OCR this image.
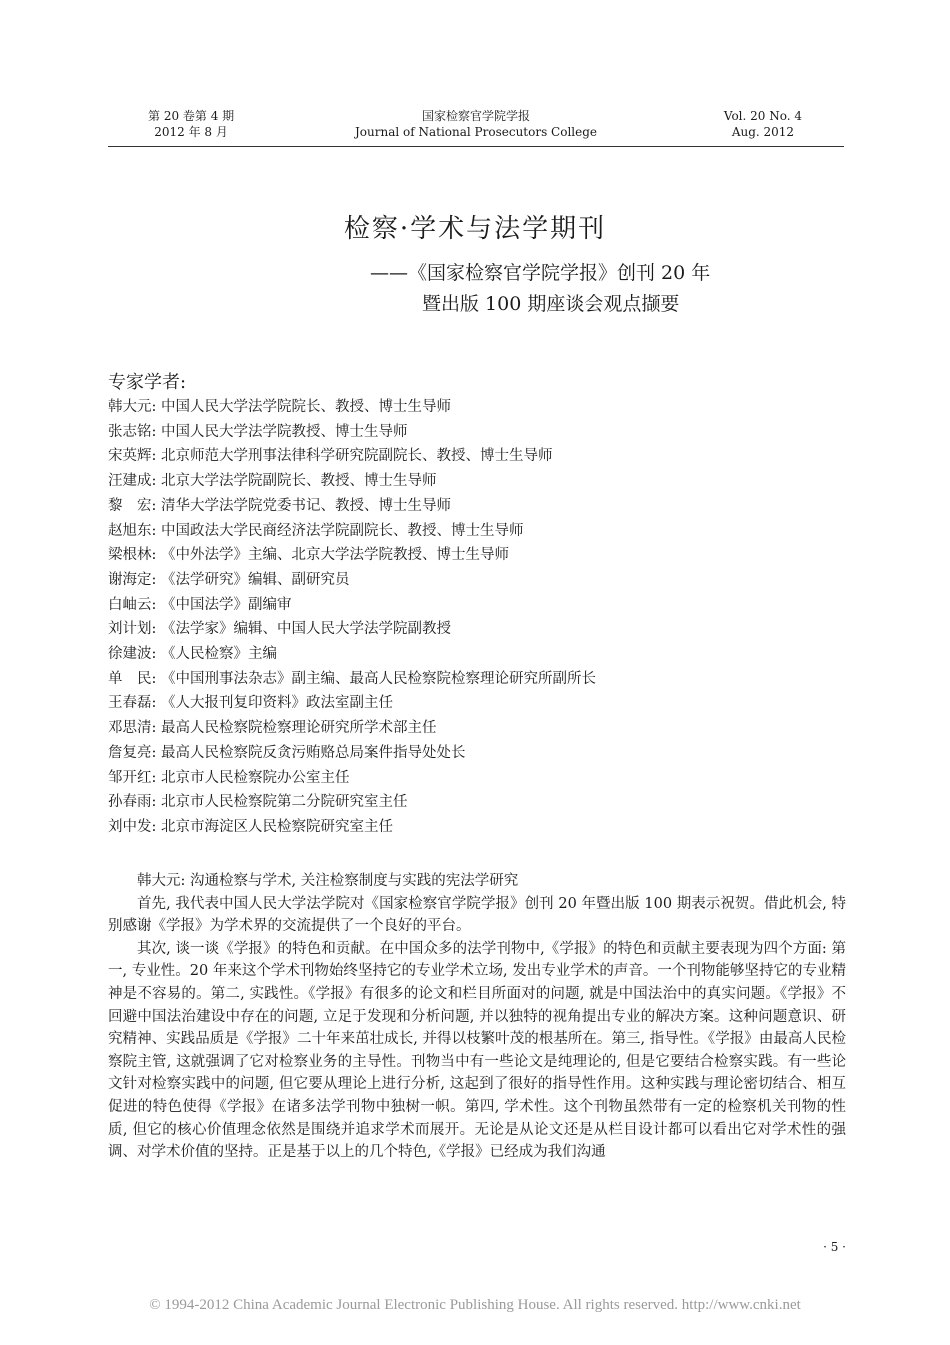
第 20 卷第 4 期
2012 年 8 月
国家检察官学院学报
Journal of National Prosecutors College
Vol. 20 No. 4
Aug. 2012
检察·学术与法学期刊
——《国家检察官学院学报》创刊 20 年
暨出版 100 期座谈会观点撷要
专家学者:
韩大元: 中国人民大学法学院院长、教授、博士生导师
张志铭: 中国人民大学法学院教授、博士生导师
宋英辉: 北京师范大学刑事法律科学研究院副院长、教授、博士生导师
汪建成: 北京大学法学院副院长、教授、博士生导师
黎　宏: 清华大学法学院党委书记、教授、博士生导师
赵旭东: 中国政法大学民商经济法学院副院长、教授、博士生导师
梁根林: 《中外法学》主编、北京大学法学院教授、博士生导师
谢海定: 《法学研究》编辑、副研究员
白岫云: 《中国法学》副编审
刘计划: 《法学家》编辑、中国人民大学法学院副教授
徐建波: 《人民检察》主编
单　民: 《中国刑事法杂志》副主编、最高人民检察院检察理论研究所副所长
王春磊: 《人大报刊复印资料》政法室副主任
邓思清: 最高人民检察院检察理论研究所学术部主任
詹复亮: 最高人民检察院反贪污贿赂总局案件指导处处长
邹开红: 北京市人民检察院办公室主任
孙春雨: 北京市人民检察院第二分院研究室主任
刘中发: 北京市海淀区人民检察院研究室主任

韩大元: 沟通检察与学术, 关注检察制度与实践的宪法学研究

首先, 我代表中国人民大学法学院对《国家检察官学院学报》创刊 20 年暨出版 100 期表示祝贺。借此机会, 特别感谢《学报》为学术界的交流提供了一个良好的平台。

其次, 谈一谈《学报》的特色和贡献。在中国众多的法学刊物中,《学报》的特色和贡献主要表现为四个方面: 第一, 专业性。20 年来这个学术刊物始终坚持它的专业学术立场, 发出专业学术的声音。一个刊物能够坚持它的专业精神是不容易的。第二, 实践性。《学报》有很多的论文和栏目所面对的问题, 就是中国法治中的真实问题。《学报》不回避中国法治建设中存在的问题, 立足于发现和分析问题, 并以独特的视角提出专业的解决方案。这种问题意识、研究精神、实践品质是《学报》二十年来茁壮成长, 并得以枝繁叶茂的根基所在。第三, 指导性。《学报》由最高人民检察院主管, 这就强调了它对检察业务的主导性。刊物当中有一些论文是纯理论的, 但是它要结合检察实践。有一些论文针对检察实践中的问题, 但它要从理论上进行分析, 这起到了很好的指导性作用。这种实践与理论密切结合、相互促进的特色使得《学报》在诸多法学刊物中独树一帜。第四, 学术性。这个刊物虽然带有一定的检察机关刊物的性质, 但它的核心价值理念依然是围绕并追求学术而展开。无论是从论文还是从栏目设计都可以看出它对学术性的强调、对学术价值的坚持。正是基于以上的几个特色,《学报》已经成为我们沟通

· 5 ·
© 1994-2012 China Academic Journal Electronic Publishing House. All rights reserved. http://www.cnki.net
